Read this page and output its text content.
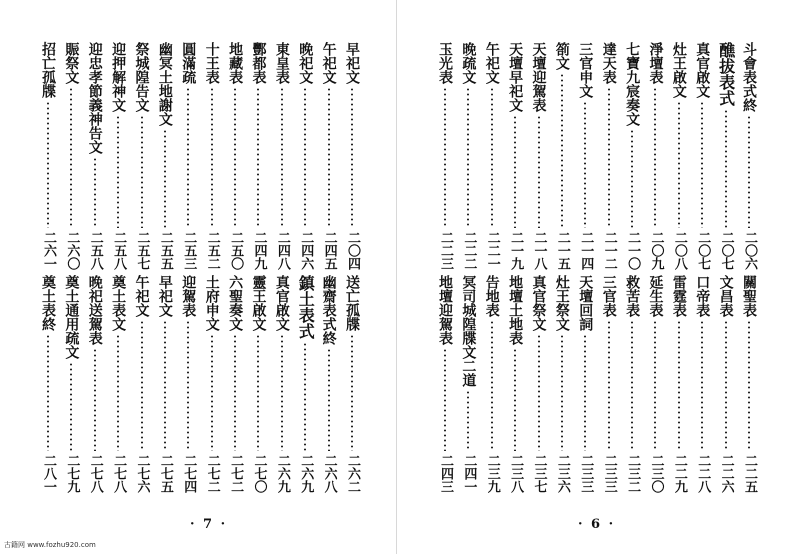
早祀文
二〇四
午祀文
二四五
晚祀文
二四六
東皇表
二四八
酆都表
二四九
地藏表
二五〇
十王表
二五二
圓滿疏
二五三
幽冥土地謝文
二五五
祭城隍告文
二五七
迎押解神文
二五八
迎忠孝節義神告文
二五八
賑祭文
二六〇
招亡孤牒
二六一
送亡孤牒
二六二
幽齋表式終
二六八
鎮土表式
二六九
真官啟文
二六九
靈王啟文
二七〇
六聖奏文
二七二
土府申文
二七二
迎駕表
二七四
早祀文
二七五
午祀文
二七六
奠土表文
二七八
晚祀送駕表
二七八
奠土通用疏文
二七九
奠土表終
二八一
斗會表式終
二〇六
醮拔表式
二〇七
真官啟文
二〇七
灶王啟文
二〇八
淨壇表
二〇九
七寶九宸奏文
二一〇
達天表
二一二
三官申文
二一四
箚文
二一五
天壇迎駕表
二一八
天壇早祀文
二一九
午祀文
二二一
晚疏文
二二二
玉光表
二二三
關聖表
二二五
文昌表
二二六
口帝表
二二八
雷霆表
二二九
延生表
二三〇
救苦表
二三二
三官表
二三三
天壇回詞
二三三
灶王祭文
二三六
真官祭文
二三七
地壇土地表
二三八
告地表
二三九
冥司城隍牒文二道
二四一
地壇迎駕表
二四三
· 7 ·	· 6 ·
古籍网 www.fozhu920.com
